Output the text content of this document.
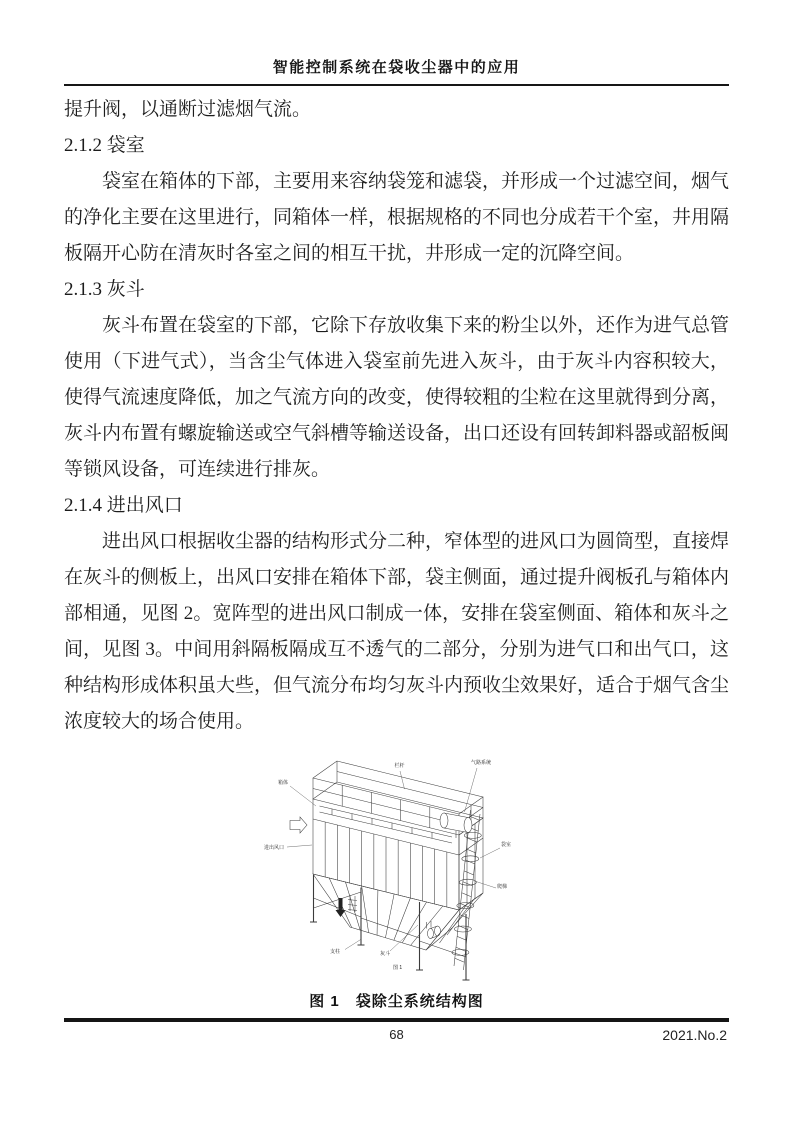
智能控制系统在袋收尘器中的应用

提升阀，以通断过滤烟气流。

2.1.2 袋室

袋室在箱体的下部，主要用来容纳袋笼和滤袋，并形成一个过滤空间，烟气的净化主要在这里进行，同箱体一样，根据规格的不同也分成若干个室，井用隔板隔开心防在清灰时各室之间的相互干扰，井形成一定的沉降空间。

2.1.3 灰斗

灰斗布置在袋室的下部，它除下存放收集下来的粉尘以外，还作为进气总管使用（下进气式），当含尘气体进入袋室前先进入灰斗，由于灰斗内容积较大，使得气流速度降低，加之气流方向的改变，使得较粗的尘粒在这里就得到分离，灰斗内布置有螺旋输送或空气斜槽等输送设备，出口还设有回转卸料器或韶板闽等锁风设备，可连续进行排灰。

2.1.4 进出风口

进出风口根据收尘器的结构形式分二种，窄体型的进风口为圆筒型，直接焊在灰斗的侧板上，出风口安排在箱体下部，袋主侧面，通过提升阀板孔与箱体内部相通，见图 2。宽阵型的进出风口制成一体，安排在袋室侧面、箱体和灰斗之间，见图 3。中间用斜隔板隔成互不透气的二部分，分别为进气口和出气口，这种结构形成体积虽大些，但气流分布均匀灰斗内预收尘效果好，适合于烟气含尘浓度较大的场合使用。

箱体
栏杆	气路系统
进出风口	袋室
爬梯
支柱	灰斗
图 1
图 1　袋除尘系统结构图
68	2021.No.2
